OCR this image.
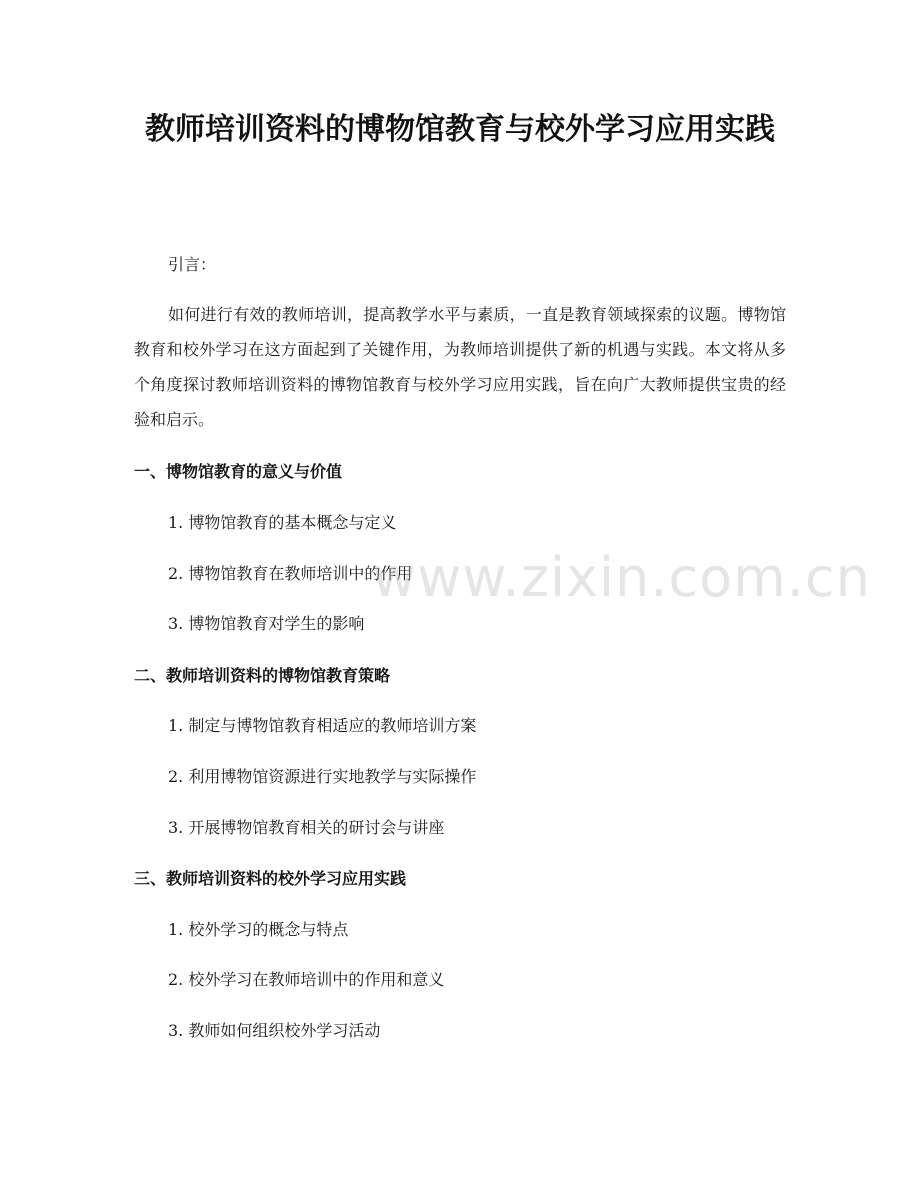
教师培训资料的博物馆教育与校外学习应用实践
引言：
如何进行有效的教师培训，提高教学水平与素质，一直是教育领域探索的议题。博物馆教育和校外学习在这方面起到了关键作用，为教师培训提供了新的机遇与实践。本文将从多个角度探讨教师培训资料的博物馆教育与校外学习应用实践，旨在向广大教师提供宝贵的经验和启示。
一、博物馆教育的意义与价值
1. 博物馆教育的基本概念与定义
2. 博物馆教育在教师培训中的作用
3. 博物馆教育对学生的影响
二、教师培训资料的博物馆教育策略
1. 制定与博物馆教育相适应的教师培训方案
2. 利用博物馆资源进行实地教学与实际操作
3. 开展博物馆教育相关的研讨会与讲座
三、教师培训资料的校外学习应用实践
1. 校外学习的概念与特点
2. 校外学习在教师培训中的作用和意义
3. 教师如何组织校外学习活动
www.zixin.com.cn
